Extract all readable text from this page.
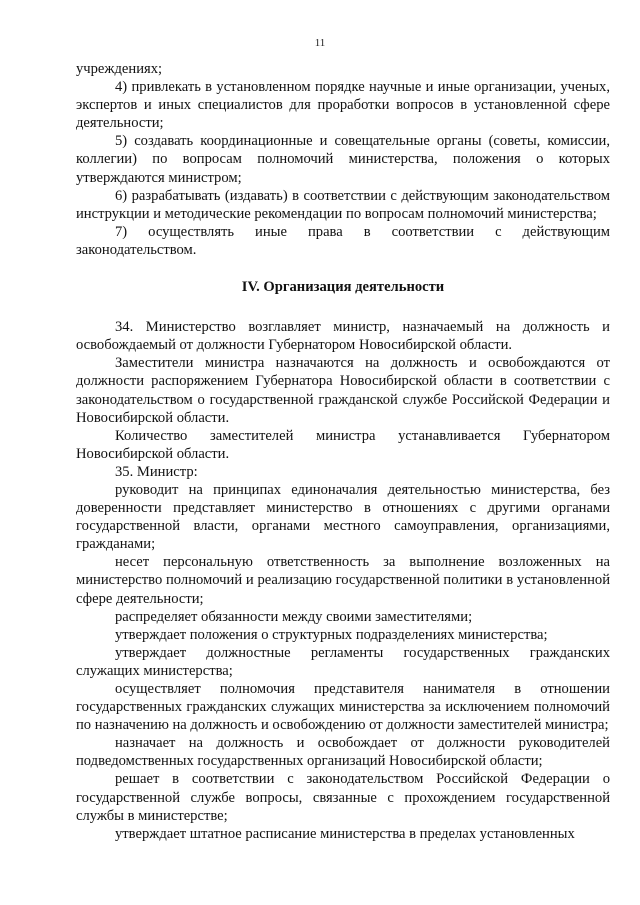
11

учреждениях;

4) привлекать в установленном порядке научные и иные организации, ученых, экспертов и иных специалистов для проработки вопросов в установленной сфере деятельности;

5) создавать координационные и совещательные органы (советы, комиссии, коллегии) по вопросам полномочий министерства, положения о которых утверждаются министром;

6) разрабатывать (издавать) в соответствии с действующим законодательством инструкции и методические рекомендации по вопросам полномочий министерства;

7) осуществлять иные права в соответствии с действующим законодательством.

IV. Организация деятельности

34. Министерство возглавляет министр, назначаемый на должность и освобождаемый от должности Губернатором Новосибирской области.

Заместители министра назначаются на должность и освобождаются от должности распоряжением Губернатора Новосибирской области в соответствии с законодательством о государственной гражданской службе Российской Федерации и Новосибирской области.

Количество заместителей министра устанавливается Губернатором Новосибирской области.

35. Министр:

руководит на принципах единоначалия деятельностью министерства, без доверенности представляет министерство в отношениях с другими органами государственной власти, органами местного самоуправления, организациями, гражданами;

несет персональную ответственность за выполнение возложенных на министерство полномочий и реализацию государственной политики в установленной сфере деятельности;

распределяет обязанности между своими заместителями;

утверждает положения о структурных подразделениях министерства;

утверждает должностные регламенты государственных гражданских служащих министерства;

осуществляет полномочия представителя нанимателя в отношении государственных гражданских служащих министерства за исключением полномочий по назначению на должность и освобождению от должности заместителей министра;

назначает на должность и освобождает от должности руководителей подведомственных государственных организаций Новосибирской области;

решает в соответствии с законодательством Российской Федерации о государственной службе вопросы, связанные с прохождением государственной службы в министерстве;

утверждает штатное расписание министерства в пределах установленных
